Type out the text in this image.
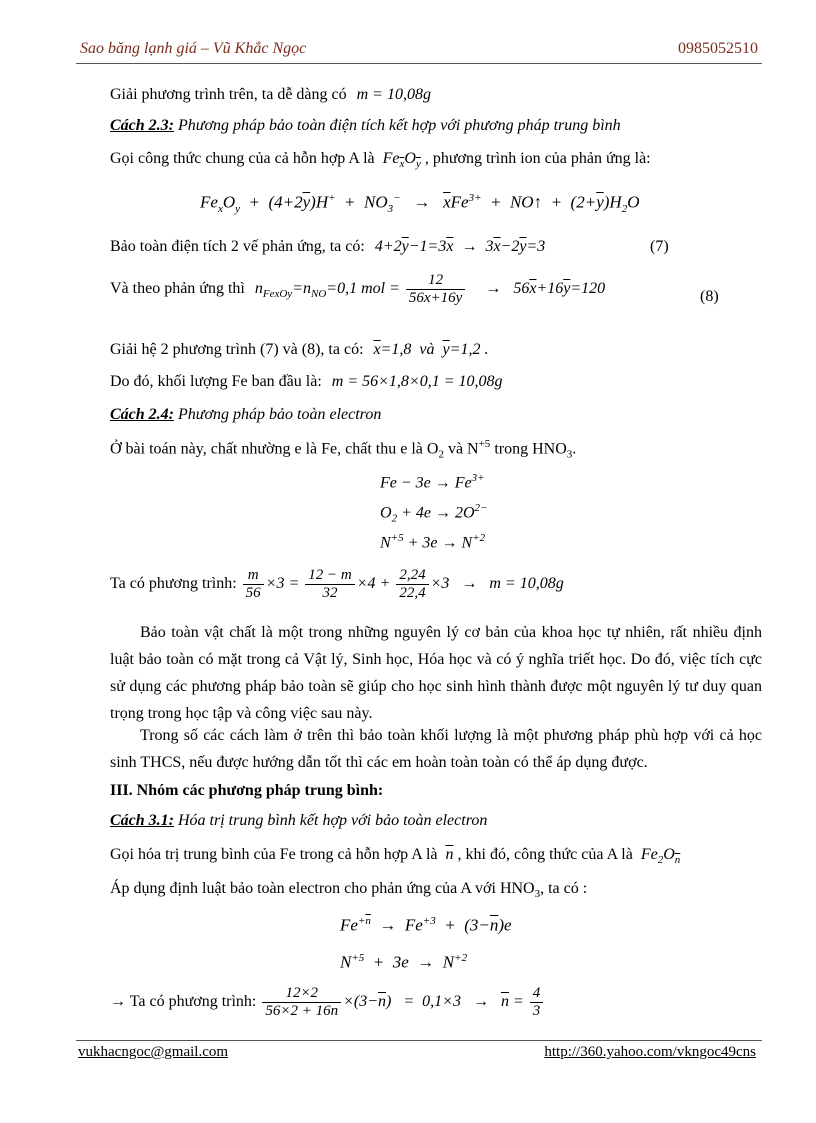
Sao băng lạnh giá – Vũ Khắc Ngọc	0985052510
Giải phương trình trên, ta dễ dàng có m = 10,08g
Cách 2.3: Phương pháp bảo toàn điện tích kết hợp với phương pháp trung bình
Gọi công thức chung của cả hỗn hợp A là $Fe_{\overline{x}}O_{\overline{y}}$ , phương trình ion của phản ứng là:
$Fe_xO_y + (4+2\overline{y})H^+ + NO_3^- \to \overline{x}Fe^{3+}$  +  NO↑  +  $(2+\overline{y})H_2O$
Bảo toàn điện tích 2 vế phản ứng, ta có: $4+2\overline{y}-1=3\overline{x} \to 3\overline{x}-2\overline{y}=3$	(7)
Và theo phản ứng thì $n_{FexOy}=n_{NO}=0,1$ mol = $\frac{12}{56\overline{x}+16\overline{y}} \to 56\overline{x}+16\overline{y}=120$	(8)
Giải hệ 2 phương trình (7) và (8), ta có: $\overline{x}=1,8$  và  $\overline{y}=1,2$ .
Do đó, khối lượng Fe ban đầu là: m = 56×1,8×0,1 = 10,08g
Cách 2.4: Phương pháp bảo toàn electron
Ở bài toán này, chất nhường e là Fe, chất thu e là $O_2$ và $N^{+5}$ trong $HNO_3$.
$Fe - 3e \to Fe^{3+}$
$O_2 + 4e \to 2O^{2-}$
$N^{+5} + 3e \to N^{+2}$
Ta có phương trình: $\frac{m}{56} \times 3 = \frac{12 - m}{32} \times 4 + \frac{2,24}{22,4} \times 3 \to m = 10,08g$
Bảo toàn vật chất là một trong những nguyên lý cơ bản của khoa học tự nhiên, rất nhiều định luật bảo toàn có mặt trong cả Vật lý, Sinh học, Hóa học và có ý nghĩa triết học. Do đó, việc tích cực sử dụng các phương pháp bảo toàn sẽ giúp cho học sinh hình thành được một nguyên lý tư duy quan trọng trong học tập và công việc sau này.
Trong số các cách làm ở trên thì bảo toàn khối lượng là một phương pháp phù hợp với cả học sinh THCS, nếu được hướng dẫn tốt thì các em hoàn toàn toàn có thể áp dụng được.
III. Nhóm các phương pháp trung bình:
Cách 3.1: Hóa trị trung bình kết hợp với bảo toàn electron
Gọi hóa trị trung bình của Fe trong cả hỗn hợp A là $\overline{n}$ , khi đó, công thức của A là $Fe_2O_{\overline{n}}$
Áp dụng định luật bảo toàn electron cho phản ứng của A với $HNO_3$, ta có :
$Fe^{+\overline{n}} \to Fe^{+3} + (3-\overline{n})e$
$N^{+5} + 3e \to N^{+2}$
→ Ta có phương trình: $\frac{12\times 2}{56\times 2 + 16\overline{n}} \times(3-\overline{n}) = 0,1\times 3 \to \overline{n} = \frac{4}{3}$
vukhacngoc@gmail.com	http://360.yahoo.com/vkngoc49cns
